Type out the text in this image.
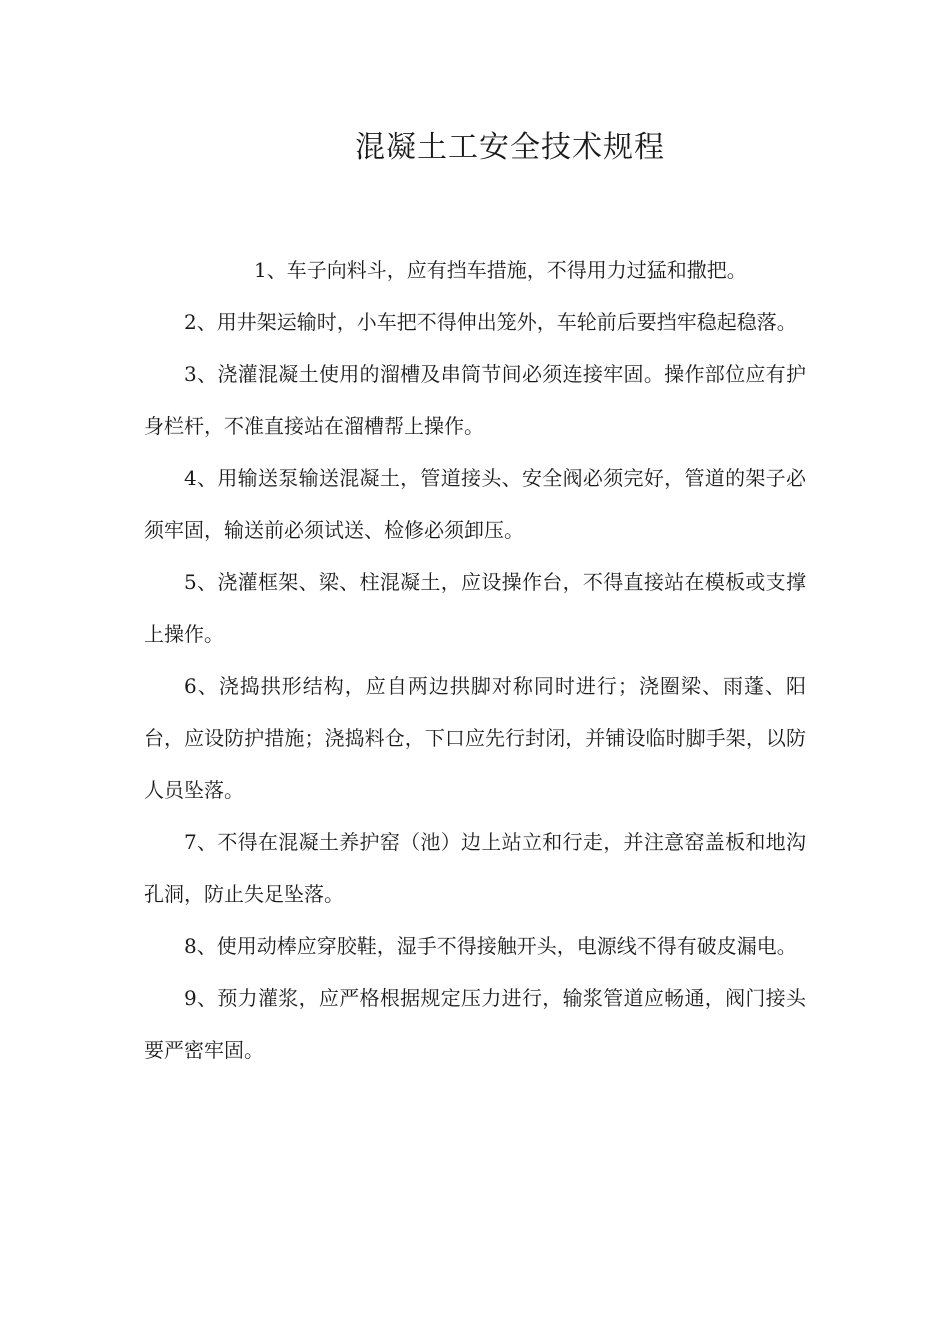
混凝土工安全技术规程

1、车子向料斗，应有挡车措施，不得用力过猛和撒把。

2、用井架运输时，小车把不得伸出笼外，车轮前后要挡牢稳起稳落。

3、浇灌混凝土使用的溜槽及串筒节间必须连接牢固。操作部位应有护身栏杆，不准直接站在溜槽帮上操作。

4、用输送泵输送混凝土，管道接头、安全阀必须完好，管道的架子必须牢固，输送前必须试送、检修必须卸压。

5、浇灌框架、梁、柱混凝土，应设操作台，不得直接站在模板或支撑上操作。

6、浇捣拱形结构，应自两边拱脚对称同时进行；浇圈梁、雨蓬、阳台，应设防护措施；浇捣料仓，下口应先行封闭，并铺设临时脚手架，以防人员坠落。

7、不得在混凝土养护窑（池）边上站立和行走，并注意窑盖板和地沟孔洞，防止失足坠落。

8、使用动棒应穿胶鞋，湿手不得接触开头，电源线不得有破皮漏电。

9、预力灌浆，应严格根据规定压力进行，输浆管道应畅通，阀门接头要严密牢固。
